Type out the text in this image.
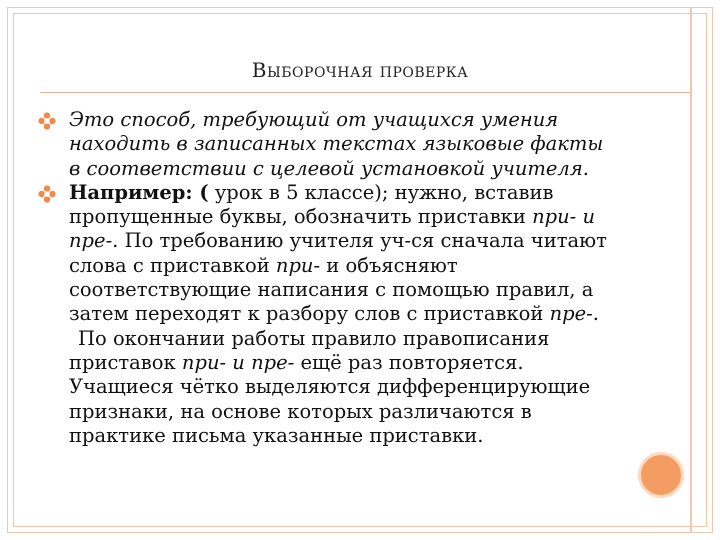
Выборочная проверка
Это способ, требующий от учащихся умения
находить в записанных текстах языковые факты
в соответствии с целевой установкой учителя.
Например: ( урок в 5 классе); нужно, вставив
пропущенные буквы, обозначить приставки при- и
пре-. По требованию учителя уч-ся сначала читают
слова с приставкой при- и объясняют
соответствующие написания с помощью правил, а
затем переходят к разбору слов с приставкой пре-.
По окончании работы правило правописания
приставок при- и пре- ещё раз повторяется.
Учащиеся чётко выделяются дифференцирующие
признаки, на основе которых различаются в
практике письма указанные приставки.
